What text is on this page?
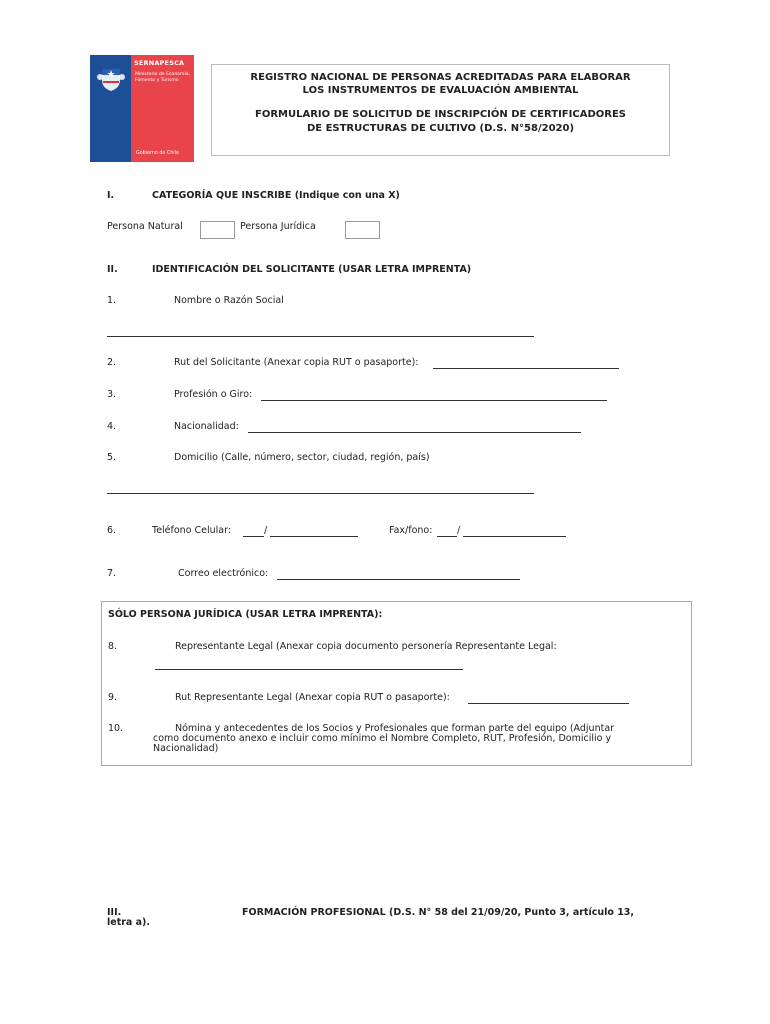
SERNAPESCA
Ministerio de Economía, Fomento y Turismo
Gobierno de Chile
REGISTRO NACIONAL DE PERSONAS ACREDITADAS PARA ELABORAR
LOS INSTRUMENTOS DE EVALUACIÓN AMBIENTAL
FORMULARIO DE SOLICITUD DE INSCRIPCIÓN DE CERTIFICADORES
DE ESTRUCTURAS DE CULTIVO (D.S. N°58/2020)
I.	CATEGORÍA QUE INSCRIBE (Indique con una X)
Persona Natural	Persona Jurídica
II.	IDENTIFICACIÓN DEL SOLICITANTE (USAR LETRA IMPRENTA)
1.	Nombre o Razón Social
2.	Rut del Solicitante (Anexar copia RUT o pasaporte):
3.	Profesión o Giro:
4.	Nacionalidad:
5.	Domicilio (Calle, número, sector, ciudad, región, país)
6.	Teléfono Celular:	/	Fax/fono:	/
7.	Correo electrónico:
SÓLO PERSONA JURÍDICA (USAR LETRA IMPRENTA):
8.	Representante Legal (Anexar copia documento personería Representante Legal:
9.	Rut Representante Legal (Anexar copia RUT o pasaporte):
10.	Nómina y antecedentes de los Socios y Profesionales que forman parte del equipo (Adjuntar
como documento anexo e incluir como mínimo el Nombre Completo, RUT, Profesión, Domicilio y
Nacionalidad)
III.	FORMACIÓN PROFESIONAL (D.S. N° 58 del 21/09/20, Punto 3, artículo 13,
letra a).
